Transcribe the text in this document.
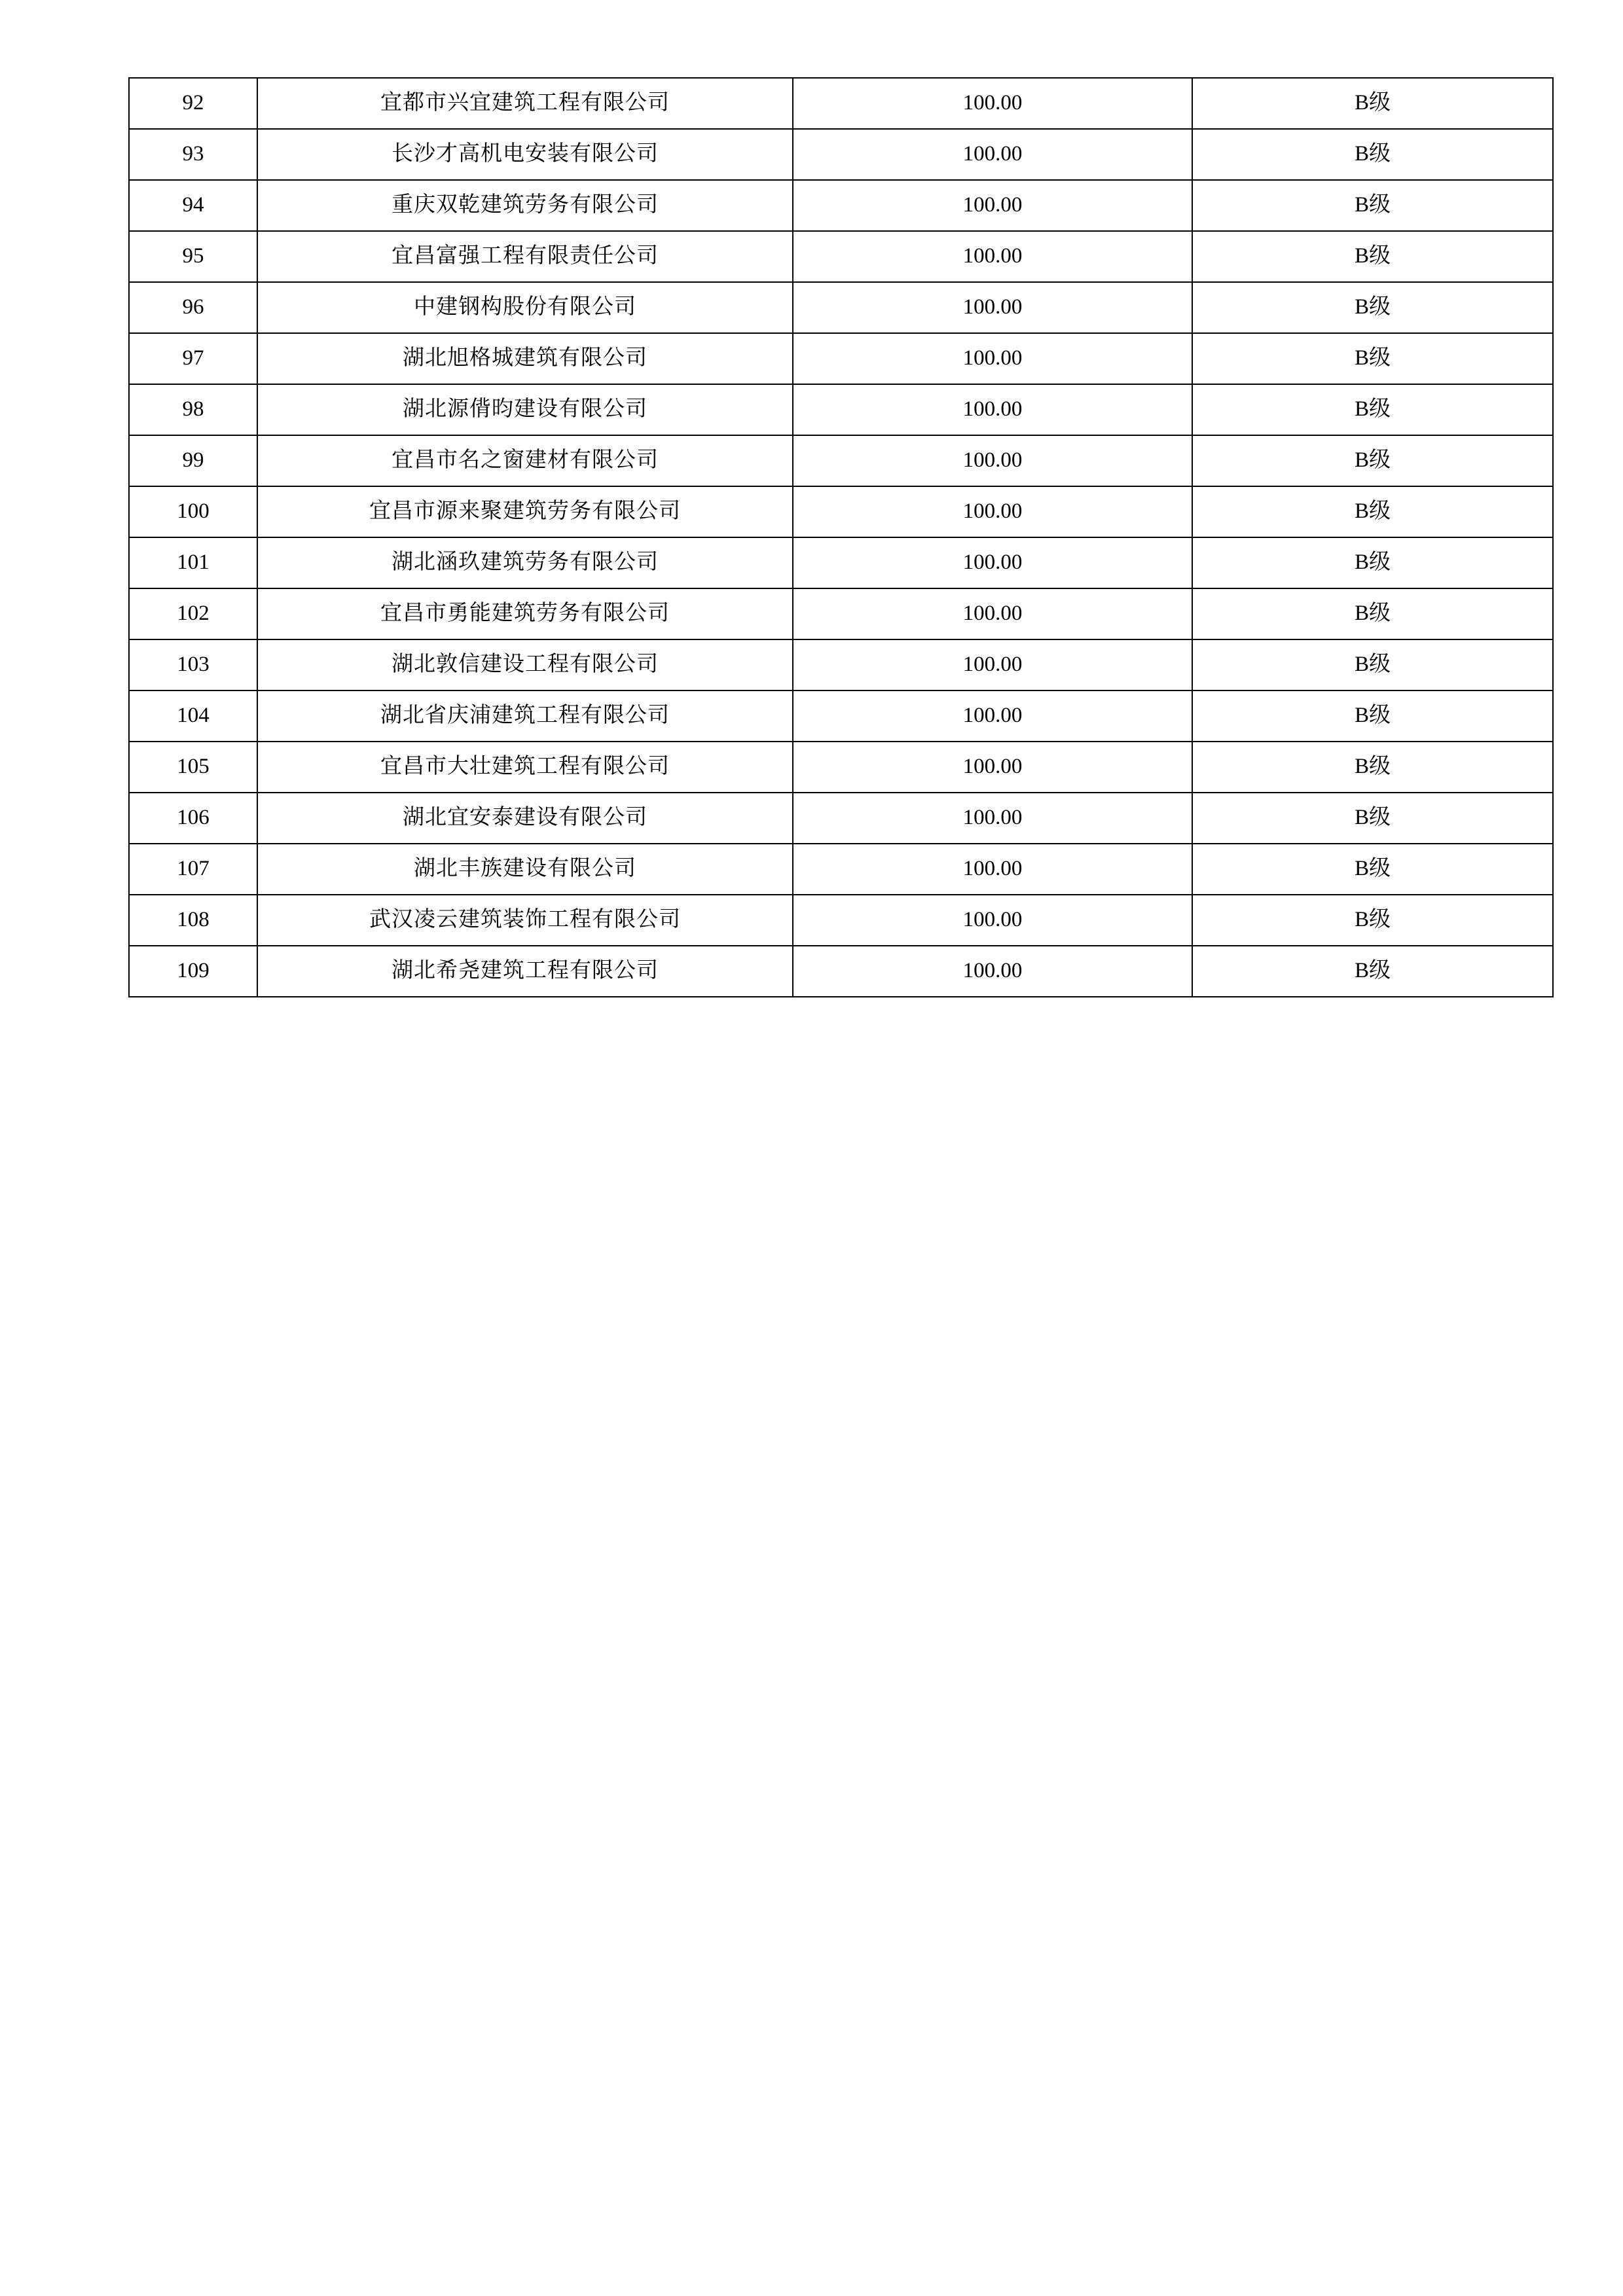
92	宜都市兴宜建筑工程有限公司	100.00	B级
93	长沙才高机电安装有限公司	100.00	B级
94	重庆双乾建筑劳务有限公司	100.00	B级
95	宜昌富强工程有限责任公司	100.00	B级
96	中建钢构股份有限公司	100.00	B级
97	湖北旭格城建筑有限公司	100.00	B级
98	湖北源偝昀建设有限公司	100.00	B级
99	宜昌市名之窗建材有限公司	100.00	B级
100	宜昌市源来聚建筑劳务有限公司	100.00	B级
101	湖北涵玖建筑劳务有限公司	100.00	B级
102	宜昌市勇能建筑劳务有限公司	100.00	B级
103	湖北敦信建设工程有限公司	100.00	B级
104	湖北省庆浦建筑工程有限公司	100.00	B级
105	宜昌市大壮建筑工程有限公司	100.00	B级
106	湖北宜安泰建设有限公司	100.00	B级
107	湖北丰族建设有限公司	100.00	B级
108	武汉凌云建筑装饰工程有限公司	100.00	B级
109	湖北希尧建筑工程有限公司	100.00	B级
